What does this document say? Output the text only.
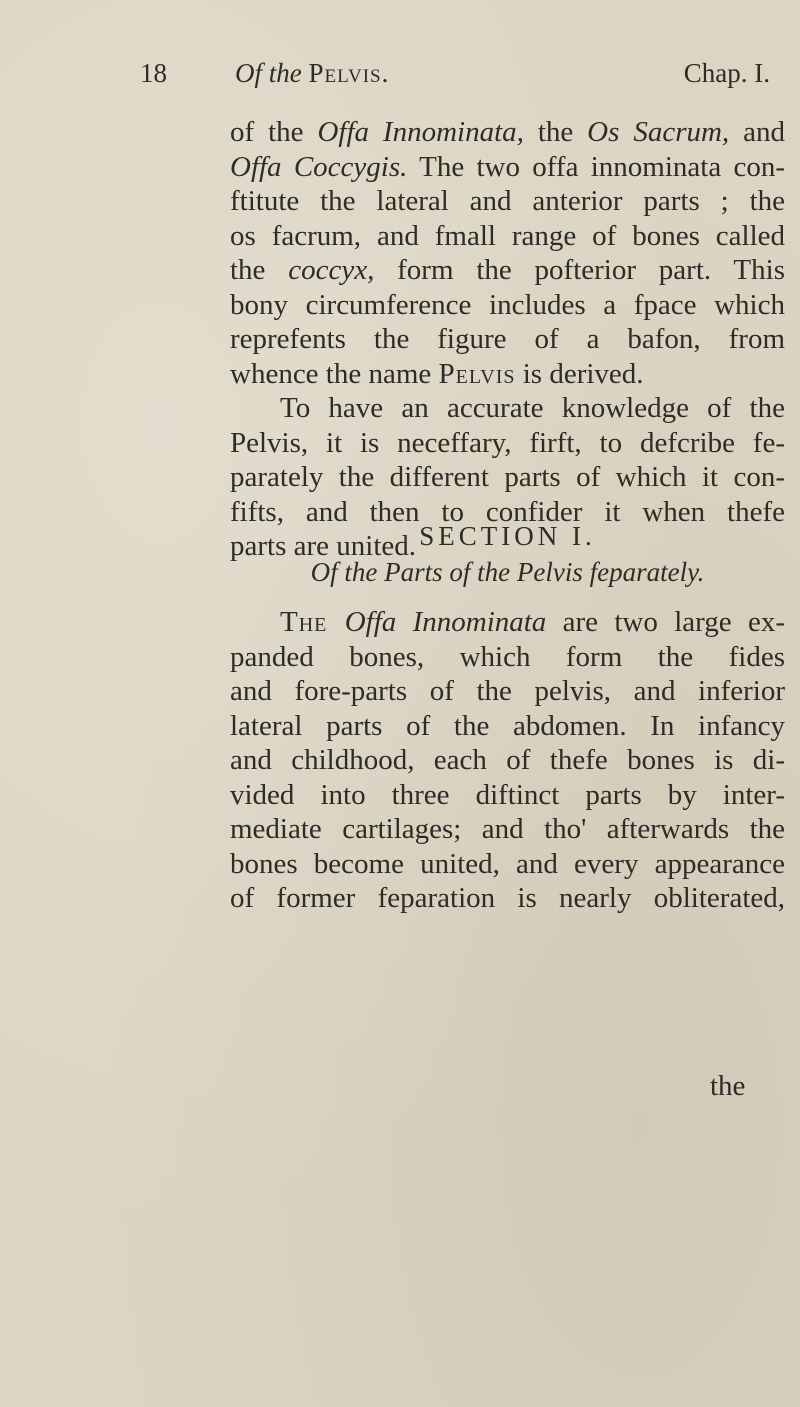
18	Of the Pelvis.	Chap. I.

of the Offa Innominata, the Os Sacrum, and
Offa Coccygis. The two offa innominata con-
ftitute the lateral and anterior parts ; the
os facrum, and fmall range of bones called
the coccyx, form the pofterior part. This
bony circumference includes a fpace which
reprefents the figure of a bafon, from
whence the name Pelvis is derived.

To have an accurate knowledge of the
Pelvis, it is neceffary, firft, to defcribe fe-
parately the different parts of which it con-
fifts, and then to confider it when thefe
parts are united. SECTION I.
Of the Parts of the Pelvis feparately.

The Offa Innominata are two large ex-
panded bones, which form the fides
and fore-parts of the pelvis, and inferior
lateral parts of the abdomen. In infancy
and childhood, each of thefe bones is di-
vided into three diftinct parts by inter-
mediate cartilages; and tho' afterwards the
bones become united, and every appearance
of former feparation is nearly obliterated,

the
